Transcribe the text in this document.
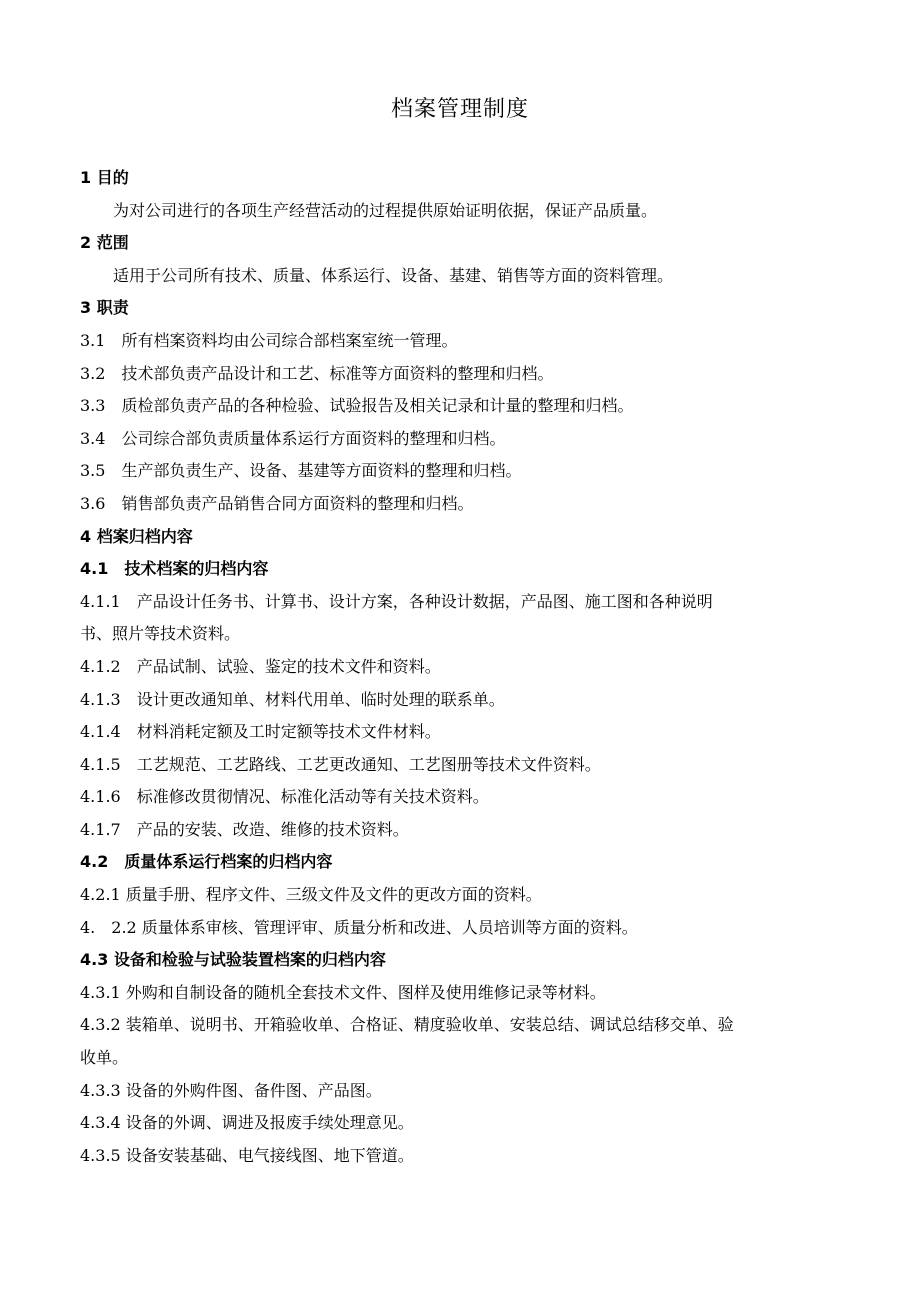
档案管理制度
1 目的
为对公司进行的各项生产经营活动的过程提供原始证明依据，保证产品质量。
2 范围
适用于公司所有技术、质量、体系运行、设备、基建、销售等方面的资料管理。
3 职责
3.1　所有档案资料均由公司综合部档案室统一管理。
3.2　技术部负责产品设计和工艺、标准等方面资料的整理和归档。
3.3　质检部负责产品的各种检验、试验报告及相关记录和计量的整理和归档。
3.4　公司综合部负责质量体系运行方面资料的整理和归档。
3.5　生产部负责生产、设备、基建等方面资料的整理和归档。
3.6　销售部负责产品销售合同方面资料的整理和归档。
4 档案归档内容
4.1　技术档案的归档内容
4.1.1　产品设计任务书、计算书、设计方案，各种设计数据，产品图、施工图和各种说明
书、照片等技术资料。
4.1.2　产品试制、试验、鉴定的技术文件和资料。
4.1.3　设计更改通知单、材料代用单、临时处理的联系单。
4.1.4　材料消耗定额及工时定额等技术文件材料。
4.1.5　工艺规范、工艺路线、工艺更改通知、工艺图册等技术文件资料。
4.1.6　标准修改贯彻情况、标准化活动等有关技术资料。
4.1.7　产品的安装、改造、维修的技术资料。
4.2　质量体系运行档案的归档内容
4.2.1 质量手册、程序文件、三级文件及文件的更改方面的资料。
4.　2.2 质量体系审核、管理评审、质量分析和改进、人员培训等方面的资料。
4.3 设备和检验与试验装置档案的归档内容
4.3.1 外购和自制设备的随机全套技术文件、图样及使用维修记录等材料。
4.3.2 装箱单、说明书、开箱验收单、合格证、精度验收单、安装总结、调试总结移交单、验
收单。
4.3.3 设备的外购件图、备件图、产品图。
4.3.4 设备的外调、调进及报废手续处理意见。
4.3.5 设备安装基础、电气接线图、地下管道。
